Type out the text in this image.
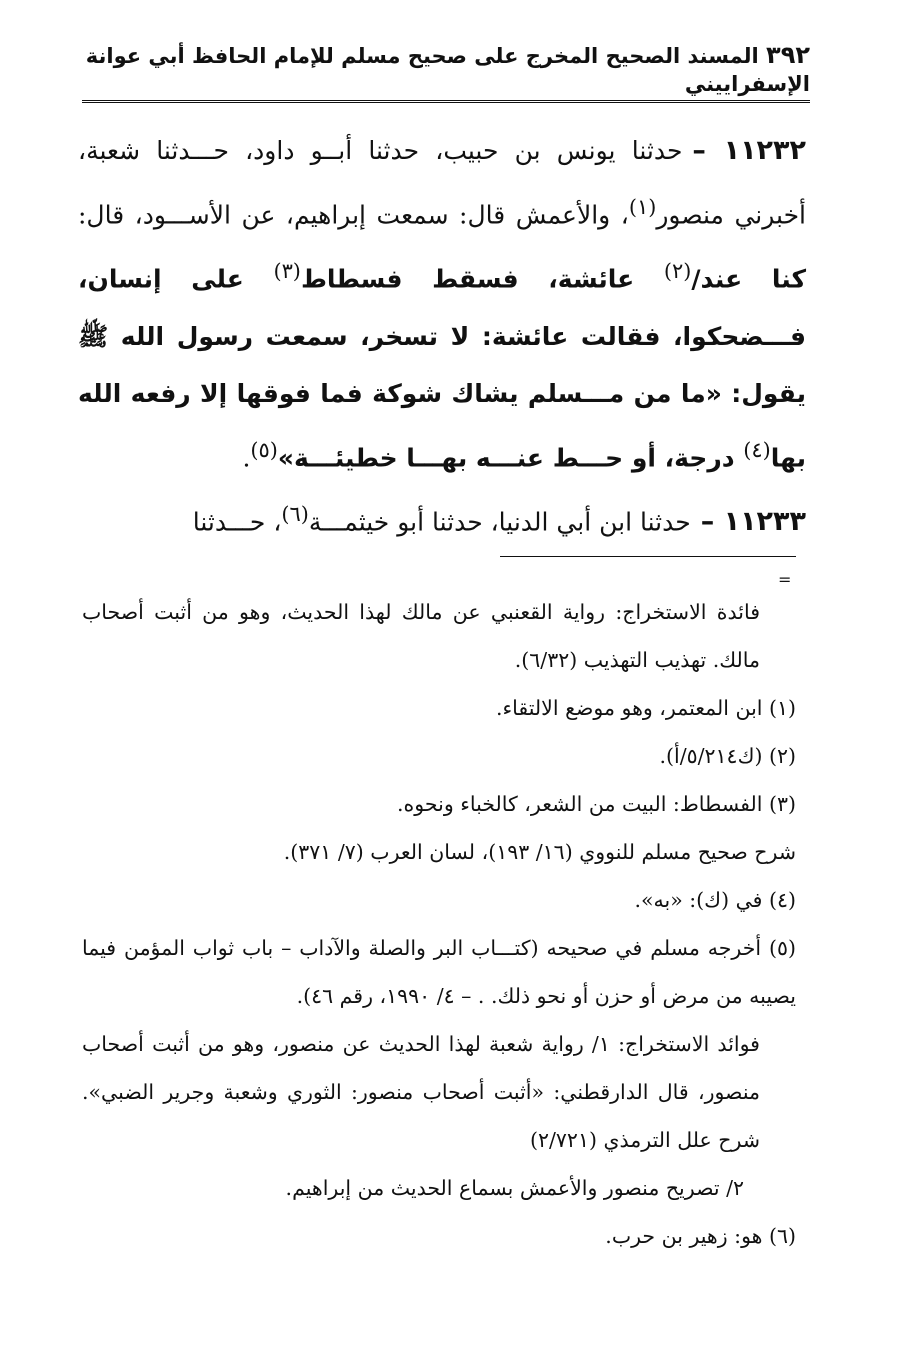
٣٩٢ المسند الصحيح المخرج على صحيح مسلم للإمام الحافظ أبي عوانة الإسفراييني

١١٢٣٢ –حدثنا يونس بن حبيب، حدثنا أبــو داود، حـــدثنا شعبة، أخبرني منصور$^{(١)}$، والأعمش قال: سمعت إبراهيم، عن الأســـود، قال: كنا عند/$^{(٢)}$ عائشة، فسقط فسطاط$^{(٣)}$ على إنسان، فـــضحكوا، فقالت عائشة: لا تسخر، سمعت رسول الله ﷺ يقول: «ما من مـــسلم يشاك شوكة فما فوقها إلا رفعه الله بها$^{(٤)}$ درجة، أو حـــط عنـــه بهـــا خطيئـــة»$^{(٥)}$.

١١٢٣٣ –حدثنا ابن أبي الدنيا، حدثنا أبو خيثمـــة$^{(٦)}$، حـــدثنا

=

فائدة الاستخراج: رواية القعنبي عن مالك لهذا الحديث، وهو من أثبت أصحاب مالك. تهذيب التهذيب (٦/٣٢).

(١) ابن المعتمر، وهو موضع الالتقاء.

(٢) (ك٥/٢١٤/أ).

(٣) الفسطاط: البيت من الشعر، كالخباء ونحوه.

شرح صحيح مسلم للنووي (١٦/ ١٩٣)، لسان العرب (٧/ ٣٧١).

(٤) في (ك): «به».

(٥) أخرجه مسلم في صحيحه (كتـــاب البر والصلة والآداب – باب ثواب المؤمن فيما يصيبه من مرض أو حزن أو نحو ذلك. . – ٤/ ١٩٩٠، رقم ٤٦).

فوائد الاستخراج: ١/ رواية شعبة لهذا الحديث عن منصور، وهو من أثبت أصحاب منصور، قال الدارقطني: «أثبت أصحاب منصور: الثوري وشعبة وجرير الضبي». شرح علل الترمذي (٢/٧٢١)

٢/ تصريح منصور والأعمش بسماع الحديث من إبراهيم.

(٦) هو: زهير بن حرب.
